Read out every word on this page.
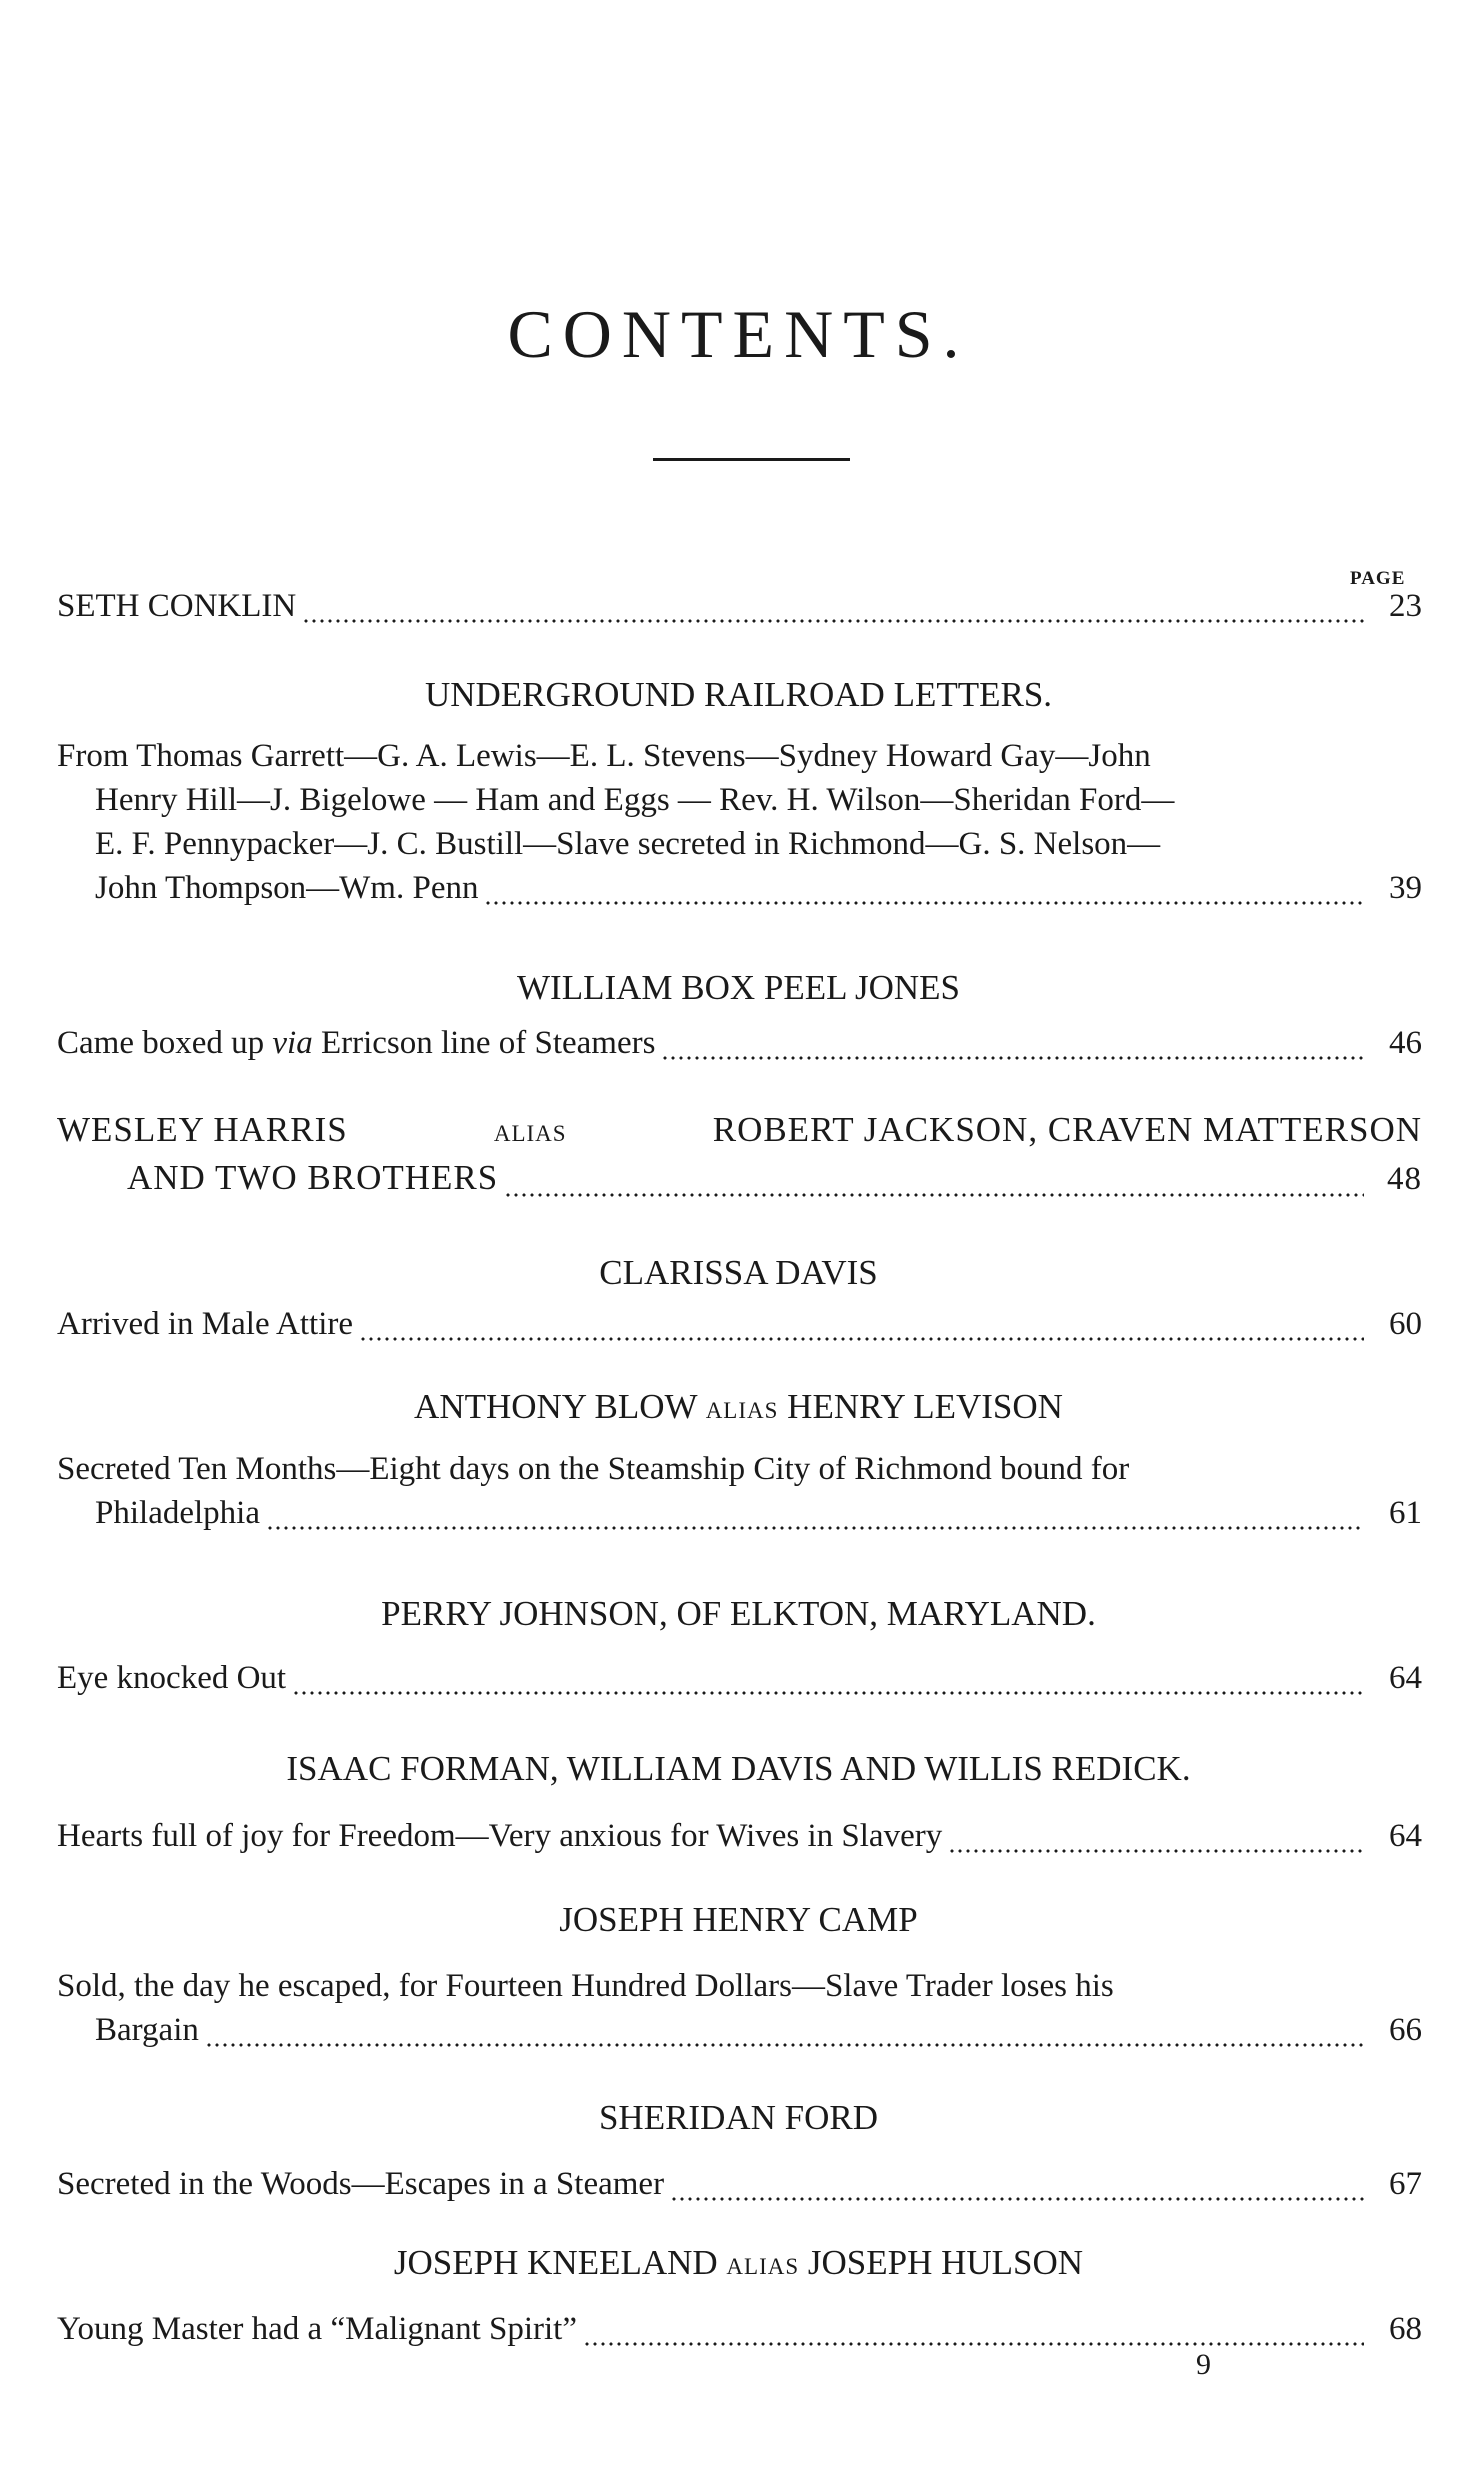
CONTENTS.
PAGE
SETH CONKLIN	23
UNDERGROUND RAILROAD LETTERS.
From Thomas Garrett—G. A. Lewis—E. L. Stevens—Sydney Howard Gay—John
Henry Hill—J. Bigelowe — Ham and Eggs — Rev. H. Wilson—Sheridan Ford—
E. F. Pennypacker—J. C. Bustill—Slave secreted in Richmond—G. S. Nelson—
John Thompson—Wm. Penn	39
WILLIAM BOX PEEL JONES
Came boxed up via Erricson line of Steamers	46
WESLEY HARRIS	ALIAS	ROBERT JACKSON, CRAVEN MATTERSON
AND TWO BROTHERS	48
CLARISSA DAVIS
Arrived in Male Attire	60
ANTHONY BLOW ALIAS HENRY LEVISON
Secreted Ten Months—Eight days on the Steamship City of Richmond bound for
Philadelphia	61
PERRY JOHNSON, OF ELKTON, MARYLAND.
Eye knocked Out	64
ISAAC FORMAN, WILLIAM DAVIS AND WILLIS REDICK.
Hearts full of joy for Freedom—Very anxious for Wives in Slavery	64
JOSEPH HENRY CAMP
Sold, the day he escaped, for Fourteen Hundred Dollars—Slave Trader loses his
Bargain	66
SHERIDAN FORD
Secreted in the Woods—Escapes in a Steamer	67
JOSEPH KNEELAND ALIAS JOSEPH HULSON
Young Master had a “Malignant Spirit”	68
9
